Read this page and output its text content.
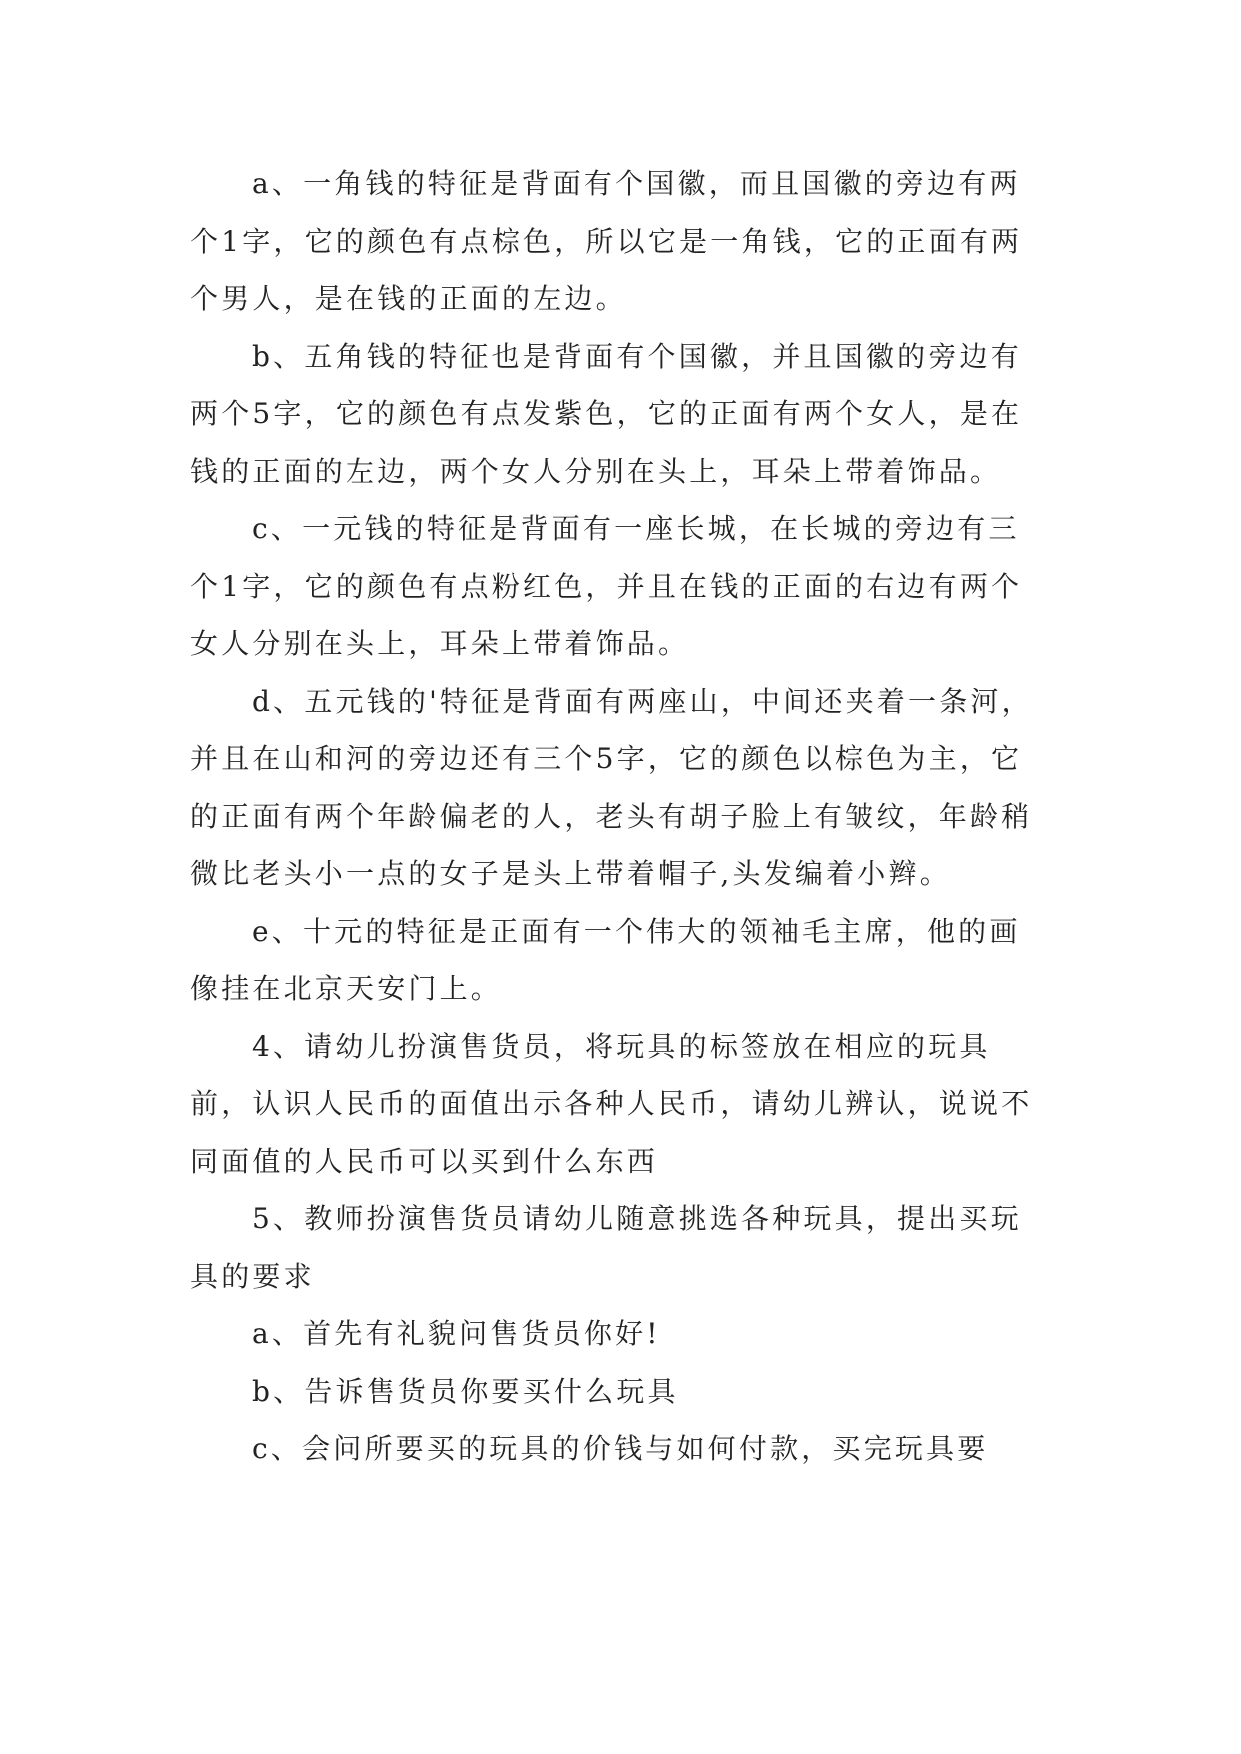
a、一角钱的特征是背面有个国徽，而且国徽的旁边有两个1字，它的颜色有点棕色，所以它是一角钱，它的正面有两个男人，是在钱的正面的左边。

b、五角钱的特征也是背面有个国徽，并且国徽的旁边有两个5字，它的颜色有点发紫色，它的正面有两个女人，是在钱的正面的左边，两个女人分别在头上，耳朵上带着饰品。

c、一元钱的特征是背面有一座长城，在长城的旁边有三个1字，它的颜色有点粉红色，并且在钱的正面的右边有两个女人分别在头上，耳朵上带着饰品。

d、五元钱的'特征是背面有两座山，中间还夹着一条河，并且在山和河的旁边还有三个5字，它的颜色以棕色为主，它的正面有两个年龄偏老的人，老头有胡子脸上有皱纹，年龄稍微比老头小一点的女子是头上带着帽子,头发编着小辫。

e、十元的特征是正面有一个伟大的领袖毛主席，他的画像挂在北京天安门上。

4、请幼儿扮演售货员，将玩具的标签放在相应的玩具前，认识人民币的面值出示各种人民币，请幼儿辨认，说说不同面值的人民币可以买到什么东西

5、教师扮演售货员请幼儿随意挑选各种玩具，提出买玩具的要求

a、首先有礼貌问售货员你好!

b、告诉售货员你要买什么玩具

c、会问所要买的玩具的价钱与如何付款，买完玩具要
